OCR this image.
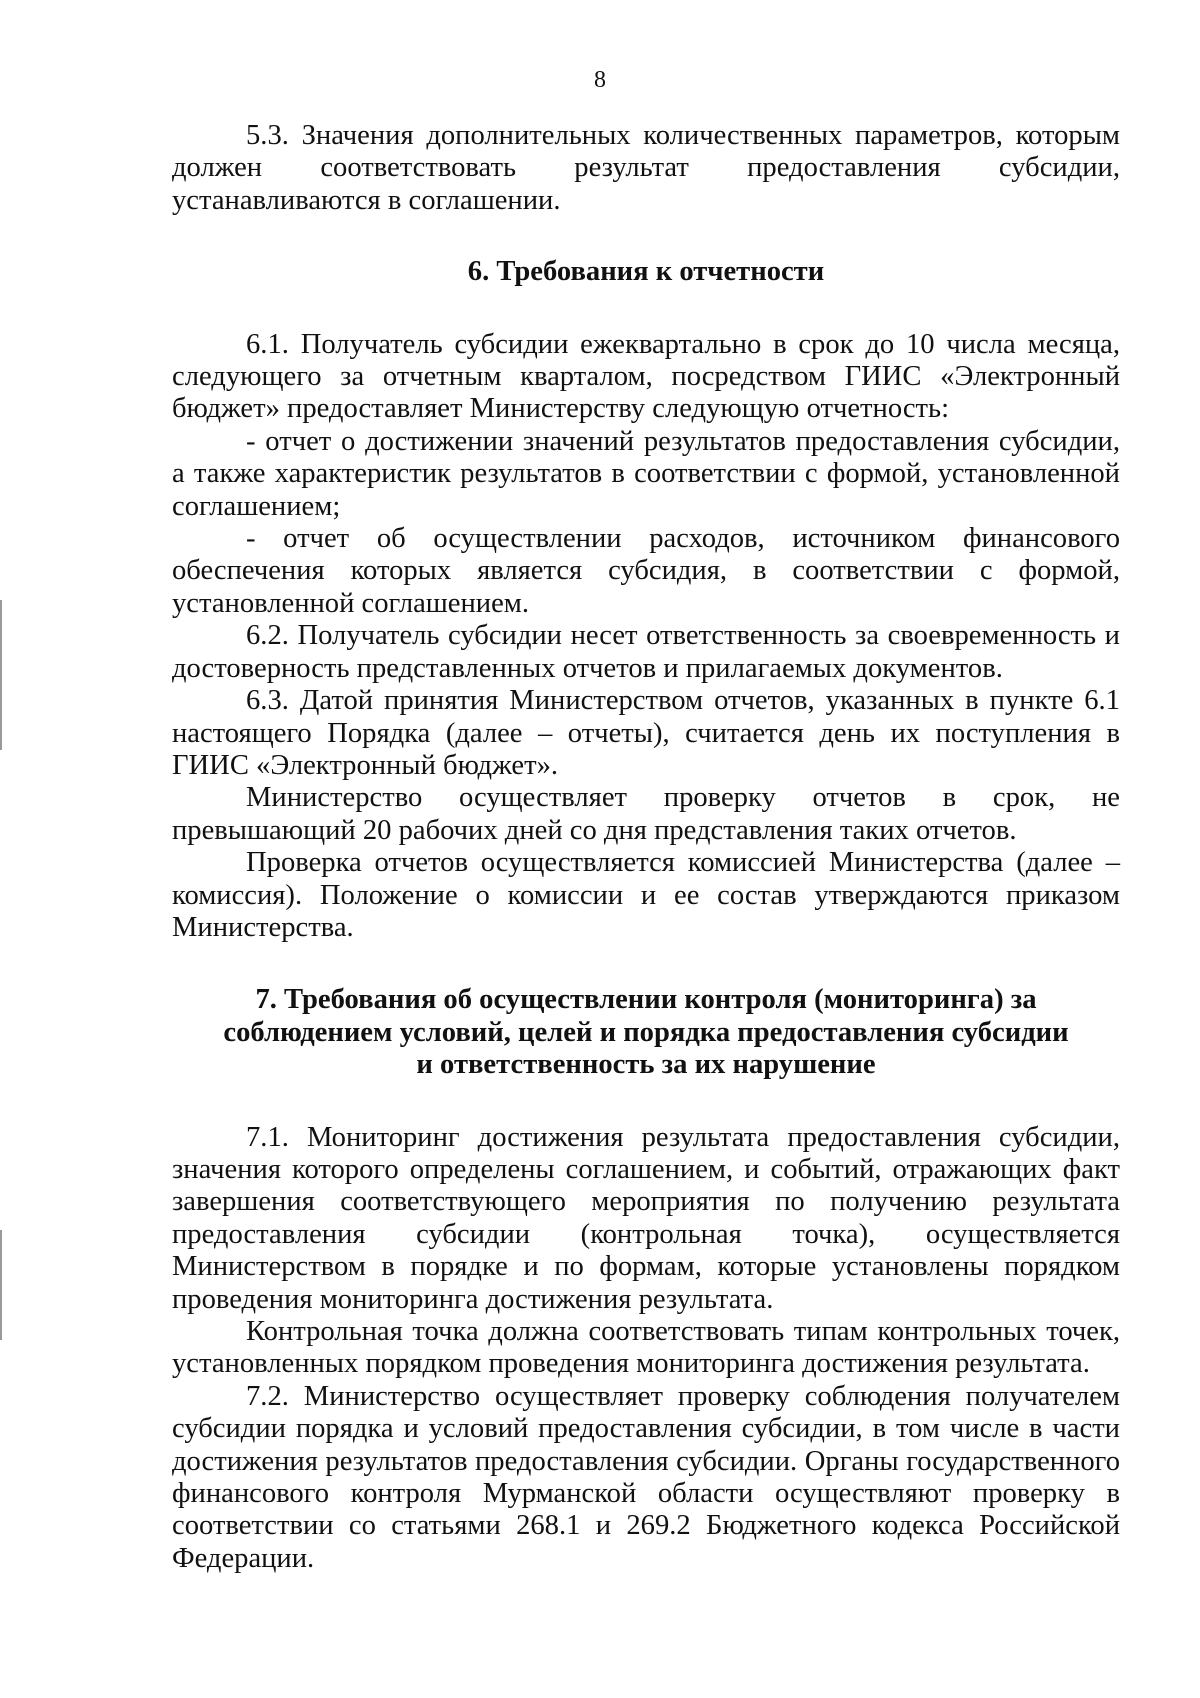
8

5.3. Значения дополнительных количественных параметров, которым должен соответствовать результат предоставления субсидии, устанавливаются в соглашении.

6. Требования к отчетности

6.1. Получатель субсидии ежеквартально в срок до 10 числа месяца, следующего за отчетным кварталом, посредством ГИИС «Электронный бюджет» предоставляет Министерству следующую отчетность:

- отчет о достижении значений результатов предоставления субсидии, а также характеристик результатов в соответствии с формой, установленной соглашением;

- отчет об осуществлении расходов, источником финансового обеспечения которых является субсидия, в соответствии с формой, установленной соглашением.

6.2. Получатель субсидии несет ответственность за своевременность и достоверность представленных отчетов и прилагаемых документов.

6.3. Датой принятия Министерством отчетов, указанных в пункте 6.1 настоящего Порядка (далее – отчеты), считается день их поступления в ГИИС «Электронный бюджет».

Министерство осуществляет проверку отчетов в срок, не превышающий 20 рабочих дней со дня представления таких отчетов.

Проверка отчетов осуществляется комиссией Министерства (далее – комиссия). Положение о комиссии и ее состав утверждаются приказом Министерства.

7. Требования об осуществлении контроля (мониторинга) за
соблюдением условий, целей и порядка предоставления субсидии
и ответственность за их нарушение

7.1. Мониторинг достижения результата предоставления субсидии, значения которого определены соглашением, и событий, отражающих факт завершения соответствующего мероприятия по получению результата предоставления субсидии (контрольная точка), осуществляется Министерством в порядке и по формам, которые установлены порядком проведения мониторинга достижения результата.

Контрольная точка должна соответствовать типам контрольных точек, установленных порядком проведения мониторинга достижения результата.

7.2. Министерство осуществляет проверку соблюдения получателем субсидии порядка и условий предоставления субсидии, в том числе в части достижения результатов предоставления субсидии. Органы государственного финансового контроля Мурманской области осуществляют проверку в соответствии со статьями 268.1 и 269.2 Бюджетного кодекса Российской Федерации.
